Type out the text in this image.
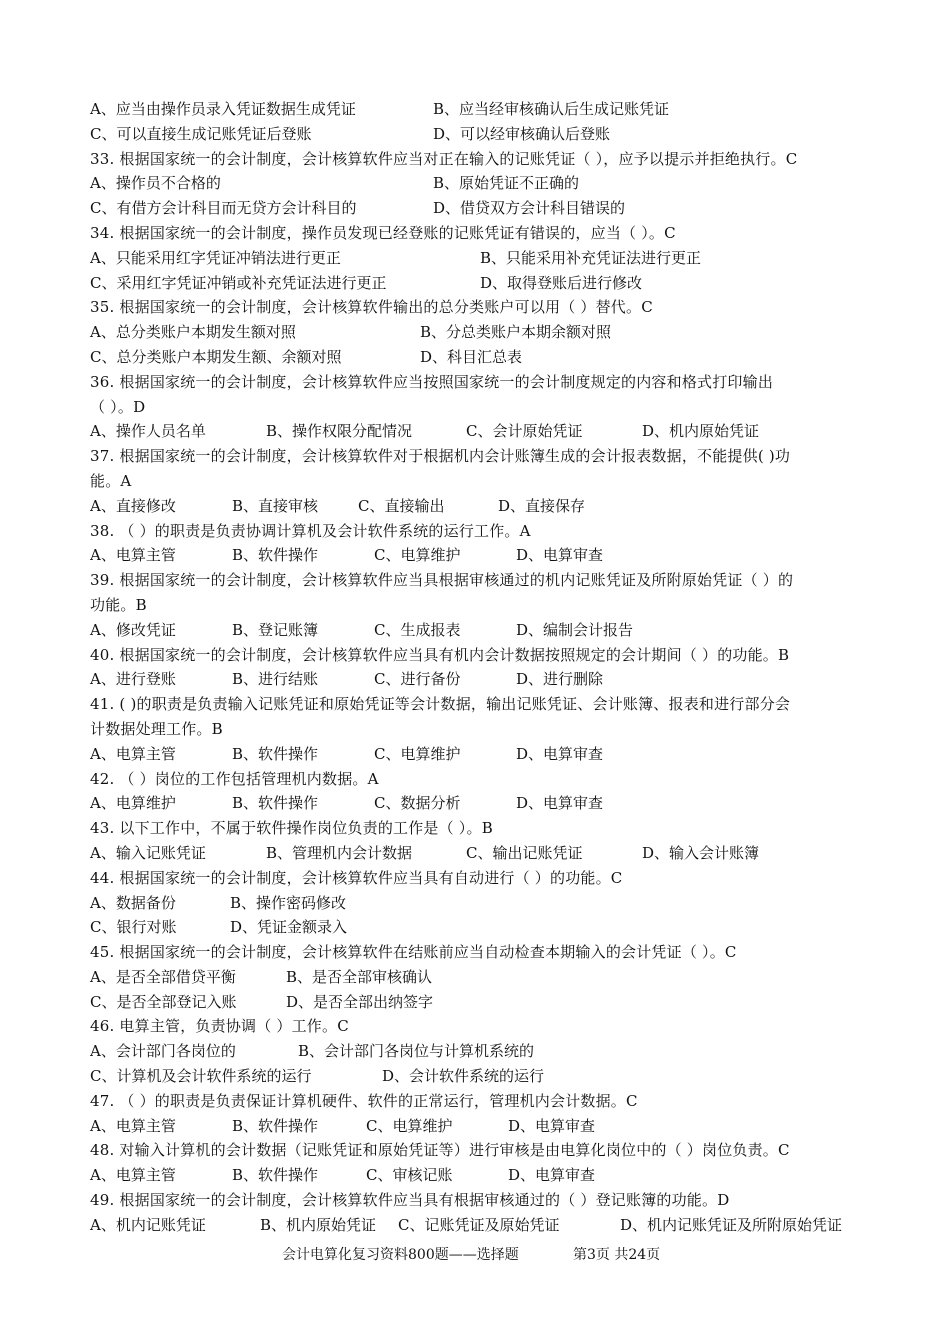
A、应当由操作员录入凭证数据生成凭证	B、应当经审核确认后生成记账凭证
C、可以直接生成记账凭证后登账	D、可以经审核确认后登账
33. 根据国家统一的会计制度，会计核算软件应当对正在输入的记账凭证（ ），应予以提示并拒绝执行。C
A、操作员不合格的	B、原始凭证不正确的
C、有借方会计科目而无贷方会计科目的	D、借贷双方会计科目错误的
34. 根据国家统一的会计制度，操作员发现已经登账的记账凭证有错误的，应当（ ）。C
A、只能采用红字凭证冲销法进行更正	B、只能采用补充凭证法进行更正
C、采用红字凭证冲销或补充凭证法进行更正	D、取得登账后进行修改
35. 根据国家统一的会计制度，会计核算软件输出的总分类账户可以用（ ）替代。C
A、总分类账户本期发生额对照	B、分总类账户本期余额对照
C、总分类账户本期发生额、余额对照	D、科目汇总表
36. 根据国家统一的会计制度，会计核算软件应当按照国家统一的会计制度规定的内容和格式打印输出
（ ）。D
A、操作人员名单	B、操作权限分配情况	C、会计原始凭证	D、机内原始凭证
37. 根据国家统一的会计制度，会计核算软件对于根据机内会计账簿生成的会计报表数据，不能提供( )功
能。A
A、直接修改	B、直接审核	C、直接输出	D、直接保存
38. （ ）的职责是负责协调计算机及会计软件系统的运行工作。A
A、电算主管	B、软件操作	C、电算维护	D、电算审查
39. 根据国家统一的会计制度，会计核算软件应当具根据审核通过的机内记账凭证及所附原始凭证（ ）的
功能。B
A、修改凭证	B、登记账簿	C、生成报表	D、编制会计报告
40. 根据国家统一的会计制度，会计核算软件应当具有机内会计数据按照规定的会计期间（ ）的功能。B
A、进行登账	B、进行结账	C、进行备份	D、进行删除
41. ( )的职责是负责输入记账凭证和原始凭证等会计数据，输出记账凭证、会计账簿、报表和进行部分会
计数据处理工作。B
A、电算主管	B、软件操作	C、电算维护	D、电算审查
42. （ ）岗位的工作包括管理机内数据。A
A、电算维护	B、软件操作	C、数据分析	D、电算审查
43. 以下工作中，不属于软件操作岗位负责的工作是（ ）。B
A、输入记账凭证	B、管理机内会计数据	C、输出记账凭证	D、输入会计账簿
44. 根据国家统一的会计制度，会计核算软件应当具有自动进行（ ）的功能。C
A、数据备份	B、操作密码修改
C、银行对账	D、凭证金额录入
45. 根据国家统一的会计制度，会计核算软件在结账前应当自动检查本期输入的会计凭证（ ）。C
A、是否全部借贷平衡	B、是否全部审核确认
C、是否全部登记入账	D、是否全部出纳签字
46. 电算主管，负责协调（ ）工作。C
A、会计部门各岗位的	B、会计部门各岗位与计算机系统的
C、计算机及会计软件系统的运行	D、会计软件系统的运行
47. （ ）的职责是负责保证计算机硬件、软件的正常运行，管理机内会计数据。C
A、电算主管	B、软件操作	C、电算维护	D、电算审查
48. 对输入计算机的会计数据（记账凭证和原始凭证等）进行审核是由电算化岗位中的（ ）岗位负责。C
A、电算主管	B、软件操作	C、审核记账	D、电算审查
49. 根据国家统一的会计制度，会计核算软件应当具有根据审核通过的（ ）登记账簿的功能。D
A、机内记账凭证	B、机内原始凭证 C、记账凭证及原始凭证	D、机内记账凭证及所附原始凭证
会计电算化复习资料800题——选择题	第3页 共24页
